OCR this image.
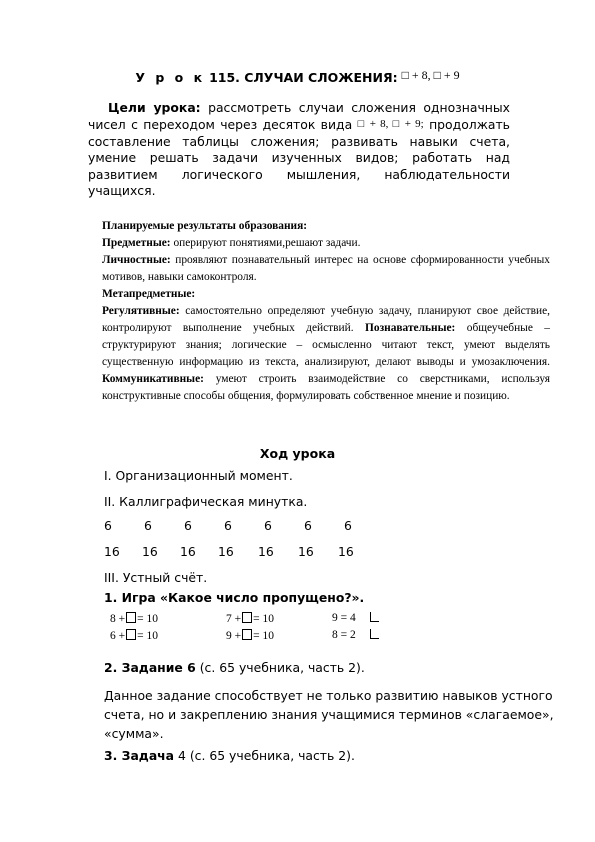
У р о к 115. СЛУЧАИ СЛОЖЕНИЯ: □ + 8, □ + 9
Цели урока: рассмотреть случаи сложения однозначных чисел с переходом через десяток вида □ + 8, □ + 9; продолжать составление таблицы сложения; развивать навыки счета, умение решать задачи изученных видов; работать над развитием логического мышления, наблюдательности учащихся.

Планируемые результаты образования:

Предметные: оперируют понятиями,решают задачи.

Личностные: проявляют познавательный интерес на основе сформированности учебных мотивов, навыки самоконтроля.

Метапредметные:

Регулятивные: самостоятельно определяют учебную задачу, планируют свое действие, контролируют выполнение учебных действий. Познавательные: общеучебные – структурируют знания; логические – осмысленно читают текст, умеют выделять существенную информацию из текста, анализируют, делают выводы и умозаключения. Коммуникативные: умеют строить взаимодействие со сверстниками, используя конструктивные способы общения, формулировать собственное мнение и позицию.

Ход урока
I. Организационный момент.
II. Каллиграфическая минутка.
6	6	6	6	6	6	6
16 16 16 16 16 16 16
III. Устный счёт.
1. Игра «Какое число пропущено?».
8 + = 10	7 + = 10	9 = 4
6 + = 10	9 + = 10	8 = 2
2. Задание 6 (с. 65 учебника, часть 2).
Данное задание способствует не только развитию навыков устного счета, но и закреплению знания учащимися терминов «слагаемое», «сумма».
3. Задача 4 (с. 65 учебника, часть 2).
